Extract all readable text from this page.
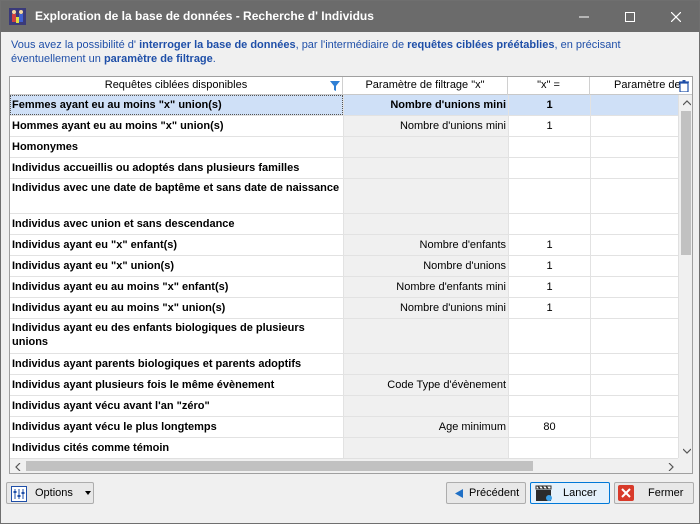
Exploration de la base de données - Recherche d' Individus
Vous avez la possibilité d' interroger la base de données, par l'intermédiaire de requêtes ciblées préétablies, en précisant éventuellement un paramètre de filtrage.
Requêtes ciblées disponibles	Paramètre de filtrage "x"	"x" =	Paramètre de
Femmes ayant eu au moins "x" union(s)	Nombre d'unions mini	1
Hommes ayant eu au moins "x" union(s)	Nombre d'unions mini	1
Homonymes
Individus accueillis ou adoptés dans plusieurs familles
Individus avec une date de baptême et sans date de naissance
Individus avec union et sans descendance
Individus ayant eu "x" enfant(s)	Nombre d'enfants	1
Individus ayant eu "x" union(s)	Nombre d'unions	1
Individus ayant eu au moins "x" enfant(s)	Nombre d'enfants mini	1
Individus ayant eu au moins "x" union(s)	Nombre d'unions mini	1
Individus ayant eu des enfants biologiques de plusieurs unions
Individus ayant parents biologiques et parents adoptifs
Individus ayant plusieurs fois le même évènement	Code Type d'évènement
Individus ayant vécu avant l'an "zéro"
Individus ayant vécu le plus longtemps	Age minimum	80
Individus cités comme témoin
Options	Précédent	Lancer	Fermer
